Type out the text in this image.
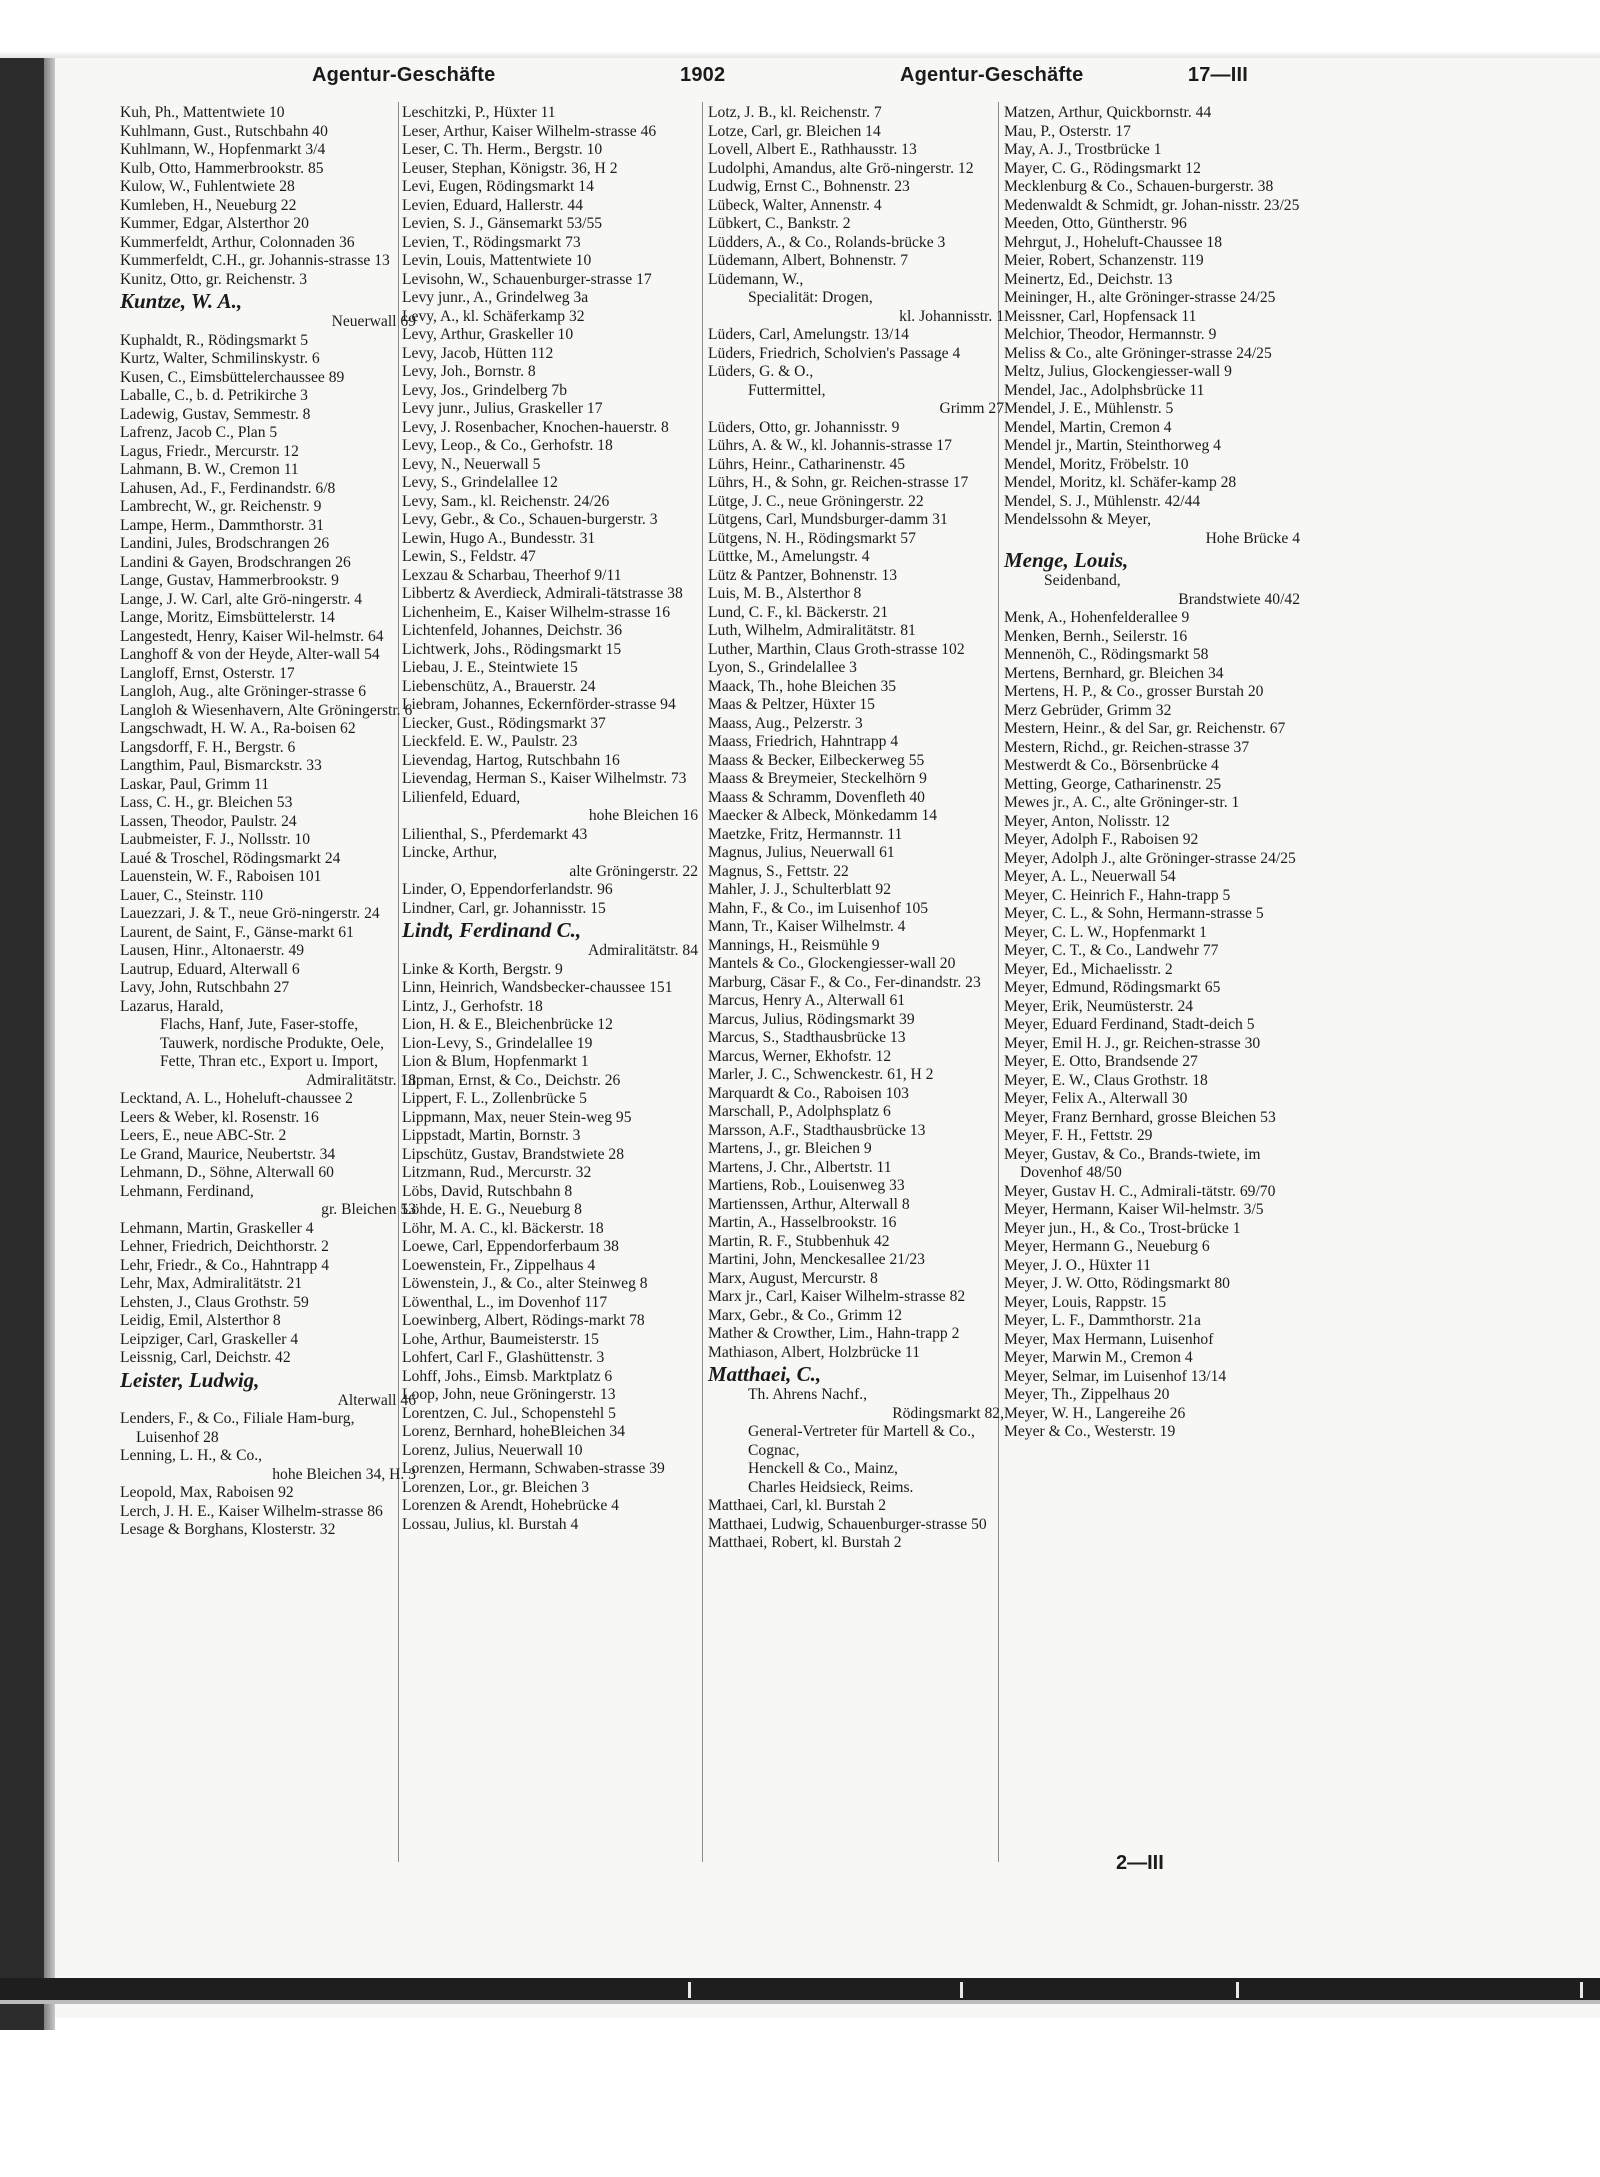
Agentur-Geschäfte	1902	Agentur-Geschäfte	17—III

Kuh, Ph., Mattentwiete 10

Kuhlmann, Gust., Rutschbahn 40

Kuhlmann, W., Hopfenmarkt 3/4

Kulb, Otto, Hammerbrookstr. 85

Kulow, W., Fuhlentwiete 28

Kumleben, H., Neueburg 22

Kummer, Edgar, Alsterthor 20

Kummerfeldt, Arthur, Colonnaden 36

Kummerfeldt, C.H., gr. Johannis-strasse 13

Kunitz, Otto, gr. Reichenstr. 3

Kuntze, W. A.,

Neuerwall 69

Kuphaldt, R., Rödingsmarkt 5

Kurtz, Walter, Schmilinskystr. 6

Kusen, C., Eimsbüttelerchaussee 89

Laballe, C., b. d. Petrikirche 3

Ladewig, Gustav, Semmestr. 8

Lafrenz, Jacob C., Plan 5

Lagus, Friedr., Mercurstr. 12

Lahmann, B. W., Cremon 11

Lahusen, Ad., F., Ferdinandstr. 6/8

Lambrecht, W., gr. Reichenstr. 9

Lampe, Herm., Dammthorstr. 31

Landini, Jules, Brodschrangen 26

Landini & Gayen, Brodschrangen 26

Lange, Gustav, Hammerbrookstr. 9

Lange, J. W. Carl, alte Grö-ningerstr. 4

Lange, Moritz, Eimsbüttelerstr. 14

Langestedt, Henry, Kaiser Wil-helmstr. 64

Langhoff & von der Heyde, Alter-wall 54

Langloff, Ernst, Osterstr. 17

Langloh, Aug., alte Gröninger-strasse 6

Langloh & Wiesenhavern, Alte Gröningerstr. 6

Langschwadt, H. W. A., Ra-boisen 62

Langsdorff, F. H., Bergstr. 6

Langthim, Paul, Bismarckstr. 33

Laskar, Paul, Grimm 11

Lass, C. H., gr. Bleichen 53

Lassen, Theodor, Paulstr. 24

Laubmeister, F. J., Nollsstr. 10

Laué & Troschel, Rödingsmarkt 24

Lauenstein, W. F., Raboisen 101

Lauer, C., Steinstr. 110

Lauezzari, J. & T., neue Grö-ningerstr. 24

Laurent, de Saint, F., Gänse-markt 61

Lausen, Hinr., Altonaerstr. 49

Lautrup, Eduard, Alterwall 6

Lavy, John, Rutschbahn 27

Lazarus, Harald,

Flachs, Hanf, Jute, Faser-stoffe, Tauwerk, nordische Produkte, Oele, Fette, Thran etc., Export u. Import,

Admiralitätstr. 18

Lecktand, A. L., Hoheluft-chaussee 2

Leers & Weber, kl. Rosenstr. 16

Leers, E., neue ABC-Str. 2

Le Grand, Maurice, Neubertstr. 34

Lehmann, D., Söhne, Alterwall 60

Lehmann, Ferdinand,

gr. Bleichen 53

Lehmann, Martin, Graskeller 4

Lehner, Friedrich, Deichthorstr. 2

Lehr, Friedr., & Co., Hahntrapp 4

Lehr, Max, Admiralitätstr. 21

Lehsten, J., Claus Grothstr. 59

Leidig, Emil, Alsterthor 8

Leipziger, Carl, Graskeller 4

Leissnig, Carl, Deichstr. 42

Leister, Ludwig,

Alterwall 46

Lenders, F., & Co., Filiale Ham-burg, Luisenhof 28

Lenning, L. H., & Co.,

hohe Bleichen 34, H. 3

Leopold, Max, Raboisen 92

Lerch, J. H. E., Kaiser Wilhelm-strasse 86

Lesage & Borghans, Klosterstr. 32

Leschitzki, P., Hüxter 11

Leser, Arthur, Kaiser Wilhelm-strasse 46

Leser, C. Th. Herm., Bergstr. 10

Leuser, Stephan, Königstr. 36, H 2

Levi, Eugen, Rödingsmarkt 14

Levien, Eduard, Hallerstr. 44

Levien, S. J., Gänsemarkt 53/55

Levien, T., Rödingsmarkt 73

Levin, Louis, Mattentwiete 10

Levisohn, W., Schauenburger-strasse 17

Levy junr., A., Grindelweg 3a

Levy, A., kl. Schäferkamp 32

Levy, Arthur, Graskeller 10

Levy, Jacob, Hütten 112

Levy, Joh., Bornstr. 8

Levy, Jos., Grindelberg 7b

Levy junr., Julius, Graskeller 17

Levy, J. Rosenbacher, Knochen-hauerstr. 8

Levy, Leop., & Co., Gerhofstr. 18

Levy, N., Neuerwall 5

Levy, S., Grindelallee 12

Levy, Sam., kl. Reichenstr. 24/26

Levy, Gebr., & Co., Schauen-burgerstr. 3

Lewin, Hugo A., Bundesstr. 31

Lewin, S., Feldstr. 47

Lexzau & Scharbau, Theerhof 9/11

Libbertz & Averdieck, Admirali-tätstrasse 38

Lichenheim, E., Kaiser Wilhelm-strasse 16

Lichtenfeld, Johannes, Deichstr. 36

Lichtwerk, Johs., Rödingsmarkt 15

Liebau, J. E., Steintwiete 15

Liebenschütz, A., Brauerstr. 24

Liebram, Johannes, Eckernförder-strasse 94

Liecker, Gust., Rödingsmarkt 37

Lieckfeld. E. W., Paulstr. 23

Lievendag, Hartog, Rutschbahn 16

Lievendag, Herman S., Kaiser Wilhelmstr. 73

Lilienfeld, Eduard,

hohe Bleichen 16

Lilienthal, S., Pferdemarkt 43

Lincke, Arthur,

alte Gröningerstr. 22

Linder, O, Eppendorferlandstr. 96

Lindner, Carl, gr. Johannisstr. 15

Lindt, Ferdinand C.,

Admiralitätstr. 84

Linke & Korth, Bergstr. 9

Linn, Heinrich, Wandsbecker-chaussee 151

Lintz, J., Gerhofstr. 18

Lion, H. & E., Bleichenbrücke 12

Lion-Levy, S., Grindelallee 19

Lion & Blum, Hopfenmarkt 1

Lipman, Ernst, & Co., Deichstr. 26

Lippert, F. L., Zollenbrücke 5

Lippmann, Max, neuer Stein-weg 95

Lippstadt, Martin, Bornstr. 3

Lipschütz, Gustav, Brandstwiete 28

Litzmann, Rud., Mercurstr. 32

Löbs, David, Rutschbahn 8

Löhde, H. E. G., Neueburg 8

Löhr, M. A. C., kl. Bäckerstr. 18

Loewe, Carl, Eppendorferbaum 38

Loewenstein, Fr., Zippelhaus 4

Löwenstein, J., & Co., alter Steinweg 8

Löwenthal, L., im Dovenhof 117

Loewinberg, Albert, Rödings-markt 78

Lohe, Arthur, Baumeisterstr. 15

Lohfert, Carl F., Glashüttenstr. 3

Lohff, Johs., Eimsb. Marktplatz 6

Loop, John, neue Gröningerstr. 13

Lorentzen, C. Jul., Schopenstehl 5

Lorenz, Bernhard, hoheBleichen 34

Lorenz, Julius, Neuerwall 10

Lorenzen, Hermann, Schwaben-strasse 39

Lorenzen, Lor., gr. Bleichen 3

Lorenzen & Arendt, Hohebrücke 4

Lossau, Julius, kl. Burstah 4

Lotz, J. B., kl. Reichenstr. 7

Lotze, Carl, gr. Bleichen 14

Lovell, Albert E., Rathhausstr. 13

Ludolphi, Amandus, alte Grö-ningerstr. 12

Ludwig, Ernst C., Bohnenstr. 23

Lübeck, Walter, Annenstr. 4

Lübkert, C., Bankstr. 2

Lüdders, A., & Co., Rolands-brücke 3

Lüdemann, Albert, Bohnenstr. 7

Lüdemann, W.,

Specialität: Drogen,

kl. Johannisstr. 1

Lüders, Carl, Amelungstr. 13/14

Lüders, Friedrich, Scholvien's Passage 4

Lüders, G. & O.,

Futtermittel,

Grimm 27

Lüders, Otto, gr. Johannisstr. 9

Lührs, A. & W., kl. Johannis-strasse 17

Lührs, Heinr., Catharinenstr. 45

Lührs, H., & Sohn, gr. Reichen-strasse 17

Lütge, J. C., neue Gröningerstr. 22

Lütgens, Carl, Mundsburger-damm 31

Lütgens, N. H., Rödingsmarkt 57

Lüttke, M., Amelungstr. 4

Lütz & Pantzer, Bohnenstr. 13

Luis, M. B., Alsterthor 8

Lund, C. F., kl. Bäckerstr. 21

Luth, Wilhelm, Admiralitätstr. 81

Luther, Marthin, Claus Groth-strasse 102

Lyon, S., Grindelallee 3

Maack, Th., hohe Bleichen 35

Maas & Peltzer, Hüxter 15

Maass, Aug., Pelzerstr. 3

Maass, Friedrich, Hahntrapp 4

Maass & Becker, Eilbeckerweg 55

Maass & Breymeier, Steckelhörn 9

Maass & Schramm, Dovenfleth 40

Maecker & Albeck, Mönkedamm 14

Maetzke, Fritz, Hermannstr. 11

Magnus, Julius, Neuerwall 61

Magnus, S., Fettstr. 22

Mahler, J. J., Schulterblatt 92

Mahn, F., & Co., im Luisenhof 105

Mann, Tr., Kaiser Wilhelmstr. 4

Mannings, H., Reismühle 9

Mantels & Co., Glockengiesser-wall 20

Marburg, Cäsar F., & Co., Fer-dinandstr. 23

Marcus, Henry A., Alterwall 61

Marcus, Julius, Rödingsmarkt 39

Marcus, S., Stadthausbrücke 13

Marcus, Werner, Ekhofstr. 12

Marler, J. C., Schwenckestr. 61, H 2

Marquardt & Co., Raboisen 103

Marschall, P., Adolphsplatz 6

Marsson, A.F., Stadthausbrücke 13

Martens, J., gr. Bleichen 9

Martens, J. Chr., Albertstr. 11

Martiens, Rob., Louisenweg 33

Martienssen, Arthur, Alterwall 8

Martin, A., Hasselbrookstr. 16

Martin, R. F., Stubbenhuk 42

Martini, John, Menckesallee 21/23

Marx, August, Mercurstr. 8

Marx jr., Carl, Kaiser Wilhelm-strasse 82

Marx, Gebr., & Co., Grimm 12

Mather & Crowther, Lim., Hahn-trapp 2

Mathiason, Albert, Holzbrücke 11

Matthaei, C.,

Th. Ahrens Nachf.,

Rödingsmarkt 82,

General-Vertreter für Martell & Co., Cognac,

Henckell & Co., Mainz,

Charles Heidsieck, Reims.

Matthaei, Carl, kl. Burstah 2

Matthaei, Ludwig, Schauenburger-strasse 50

Matthaei, Robert, kl. Burstah 2

Matzen, Arthur, Quickbornstr. 44

Mau, P., Osterstr. 17

May, A. J., Trostbrücke 1

Mayer, C. G., Rödingsmarkt 12

Mecklenburg & Co., Schauen-burgerstr. 38

Medenwaldt & Schmidt, gr. Johan-nisstr. 23/25

Meeden, Otto, Güntherstr. 96

Mehrgut, J., Hoheluft-Chaussee 18

Meier, Robert, Schanzenstr. 119

Meinertz, Ed., Deichstr. 13

Meininger, H., alte Gröninger-strasse 24/25

Meissner, Carl, Hopfensack 11

Melchior, Theodor, Hermannstr. 9

Meliss & Co., alte Gröninger-strasse 24/25

Meltz, Julius, Glockengiesser-wall 9

Mendel, Jac., Adolphsbrücke 11

Mendel, J. E., Mühlenstr. 5

Mendel, Martin, Cremon 4

Mendel jr., Martin, Steinthorweg 4

Mendel, Moritz, Fröbelstr. 10

Mendel, Moritz, kl. Schäfer-kamp 28

Mendel, S. J., Mühlenstr. 42/44

Mendelssohn & Meyer,

Hohe Brücke 4

Menge, Louis,

Seidenband,

Brandstwiete 40/42

Menk, A., Hohenfelderallee 9

Menken, Bernh., Seilerstr. 16

Mennenöh, C., Rödingsmarkt 58

Mertens, Bernhard, gr. Bleichen 34

Mertens, H. P., & Co., grosser Burstah 20

Merz Gebrüder, Grimm 32

Mestern, Heinr., & del Sar, gr. Reichenstr. 67

Mestern, Richd., gr. Reichen-strasse 37

Mestwerdt & Co., Börsenbrücke 4

Metting, George, Catharinenstr. 25

Mewes jr., A. C., alte Gröninger-str. 1

Meyer, Anton, Nolisstr. 12

Meyer, Adolph F., Raboisen 92

Meyer, Adolph J., alte Gröninger-strasse 24/25

Meyer, A. L., Neuerwall 54

Meyer, C. Heinrich F., Hahn-trapp 5

Meyer, C. L., & Sohn, Hermann-strasse 5

Meyer, C. L. W., Hopfenmarkt 1

Meyer, C. T., & Co., Landwehr 77

Meyer, Ed., Michaelisstr. 2

Meyer, Edmund, Rödingsmarkt 65

Meyer, Erik, Neumüsterstr. 24

Meyer, Eduard Ferdinand, Stadt-deich 5

Meyer, Emil H. J., gr. Reichen-strasse 30

Meyer, E. Otto, Brandsende 27

Meyer, E. W., Claus Grothstr. 18

Meyer, Felix A., Alterwall 30

Meyer, Franz Bernhard, grosse Bleichen 53

Meyer, F. H., Fettstr. 29

Meyer, Gustav, & Co., Brands-twiete, im Dovenhof 48/50

Meyer, Gustav H. C., Admirali-tätstr. 69/70

Meyer, Hermann, Kaiser Wil-helmstr. 3/5

Meyer jun., H., & Co., Trost-brücke 1

Meyer, Hermann G., Neueburg 6

Meyer, J. O., Hüxter 11

Meyer, J. W. Otto, Rödingsmarkt 80

Meyer, Louis, Rappstr. 15

Meyer, L. F., Dammthorstr. 21a

Meyer, Max Hermann, Luisenhof

Meyer, Marwin M., Cremon 4

Meyer, Selmar, im Luisenhof 13/14

Meyer, Th., Zippelhaus 20

Meyer, W. H., Langereihe 26

Meyer & Co., Westerstr. 19

2—III
